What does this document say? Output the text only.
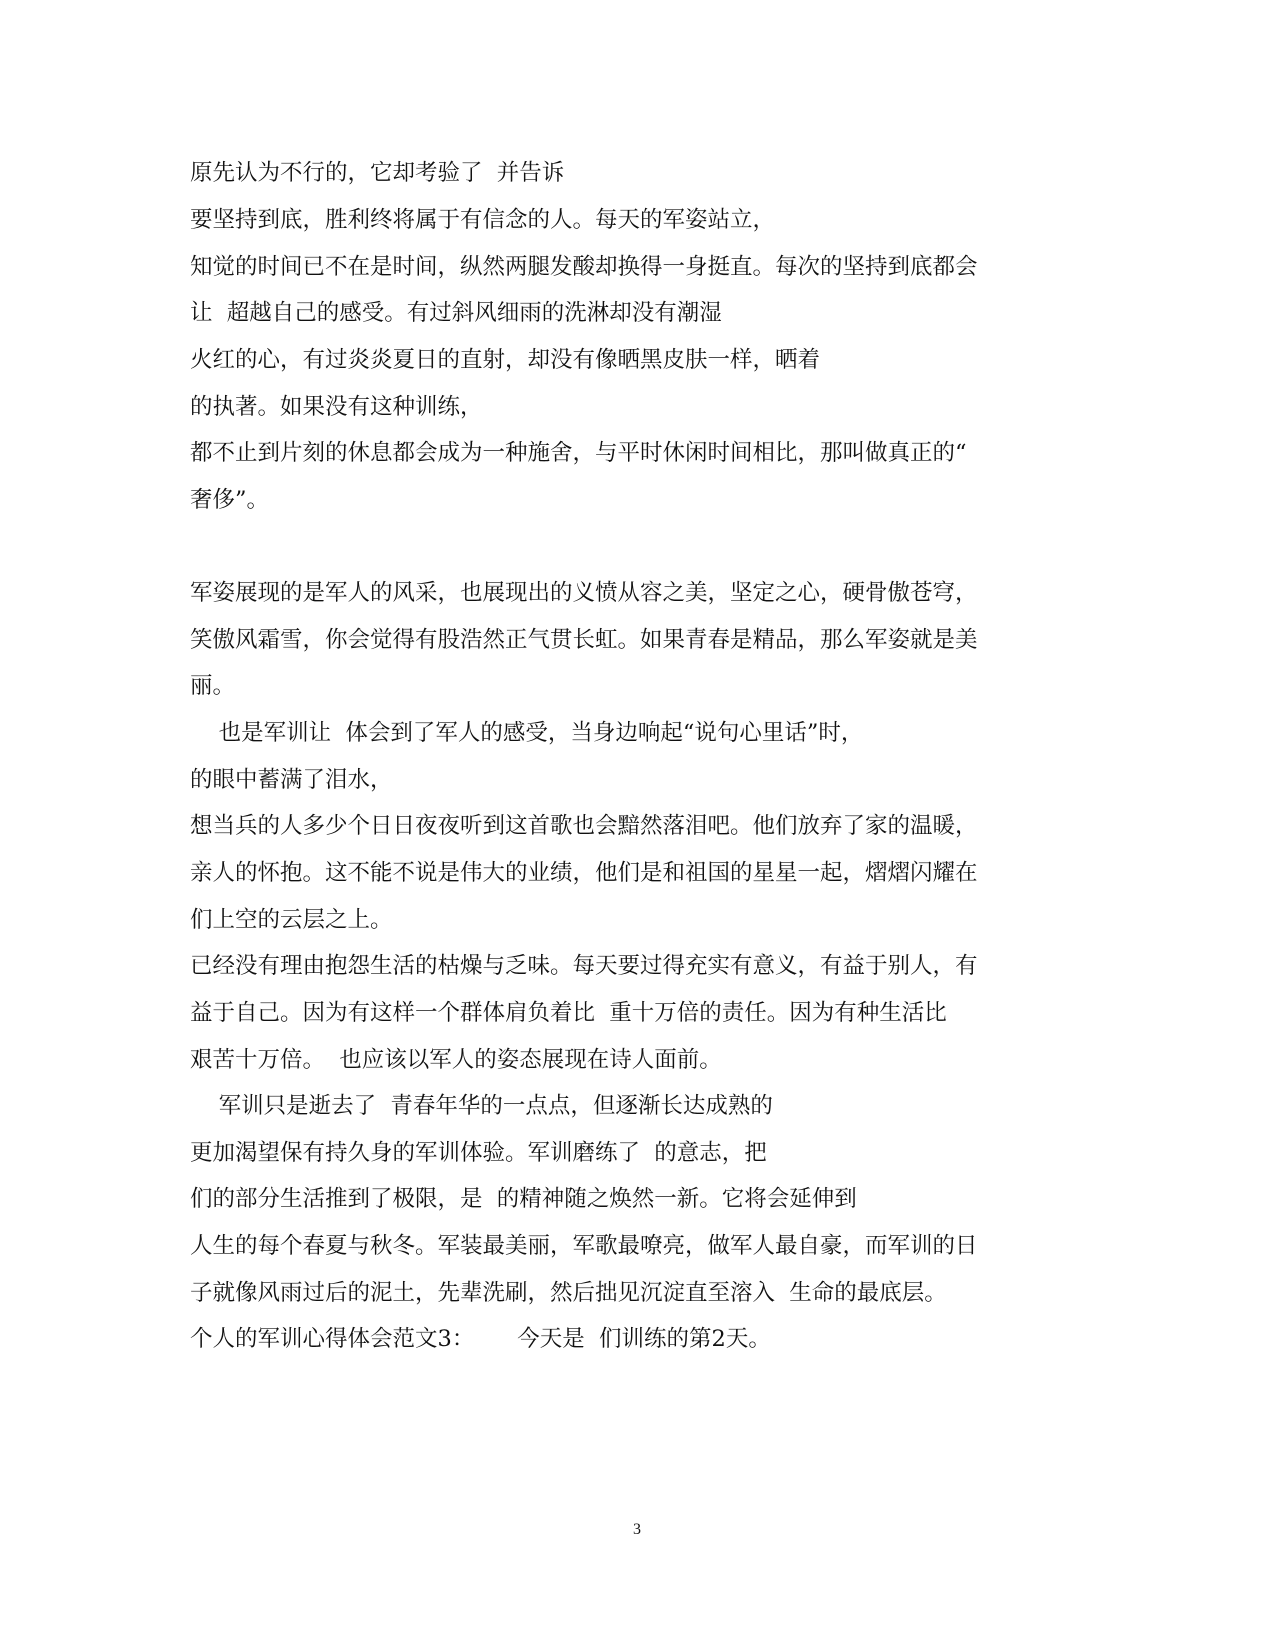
原先认为不行的，它却考验了  并告诉
要坚持到底，胜利终将属于有信念的人。每天的军姿站立，
知觉的时间已不在是时间，纵然两腿发酸却换得一身挺直。每次的坚持到底都会
让  超越自己的感受。有过斜风细雨的洗淋却没有潮湿
火红的心，有过炎炎夏日的直射，却没有像晒黑皮肤一样，晒着
的执著。如果没有这种训练，
都不止到片刻的休息都会成为一种施舍，与平时休闲时间相比，那叫做真正的“
奢侈”。
军姿展现的是军人的风采，也展现出的义愤从容之美，坚定之心，硬骨傲苍穹，
笑傲风霜雪，你会觉得有股浩然正气贯长虹。如果青春是精品，那么军姿就是美
丽。
也是军训让  体会到了军人的感受，当身边响起“说句心里话”时，
的眼中蓄满了泪水，
想当兵的人多少个日日夜夜听到这首歌也会黯然落泪吧。他们放弃了家的温暖，
亲人的怀抱。这不能不说是伟大的业绩，他们是和祖国的星星一起，熠熠闪耀在
们上空的云层之上。
已经没有理由抱怨生活的枯燥与乏味。每天要过得充实有意义，有益于别人，有
益于自己。因为有这样一个群体肩负着比  重十万倍的责任。因为有种生活比
艰苦十万倍。  也应该以军人的姿态展现在诗人面前。
军训只是逝去了  青春年华的一点点，但逐渐长达成熟的
更加渴望保有持久身的军训体验。军训磨练了  的意志，把
们的部分生活推到了极限，是  的精神随之焕然一新。它将会延伸到
人生的每个春夏与秋冬。军装最美丽，军歌最嘹亮，做军人最自豪，而军训的日
子就像风雨过后的泥土，先辈洗刷，然后拙见沉淀直至溶入  生命的最底层。
个人的军训心得体会范文3：      今天是  们训练的第2天。
3
